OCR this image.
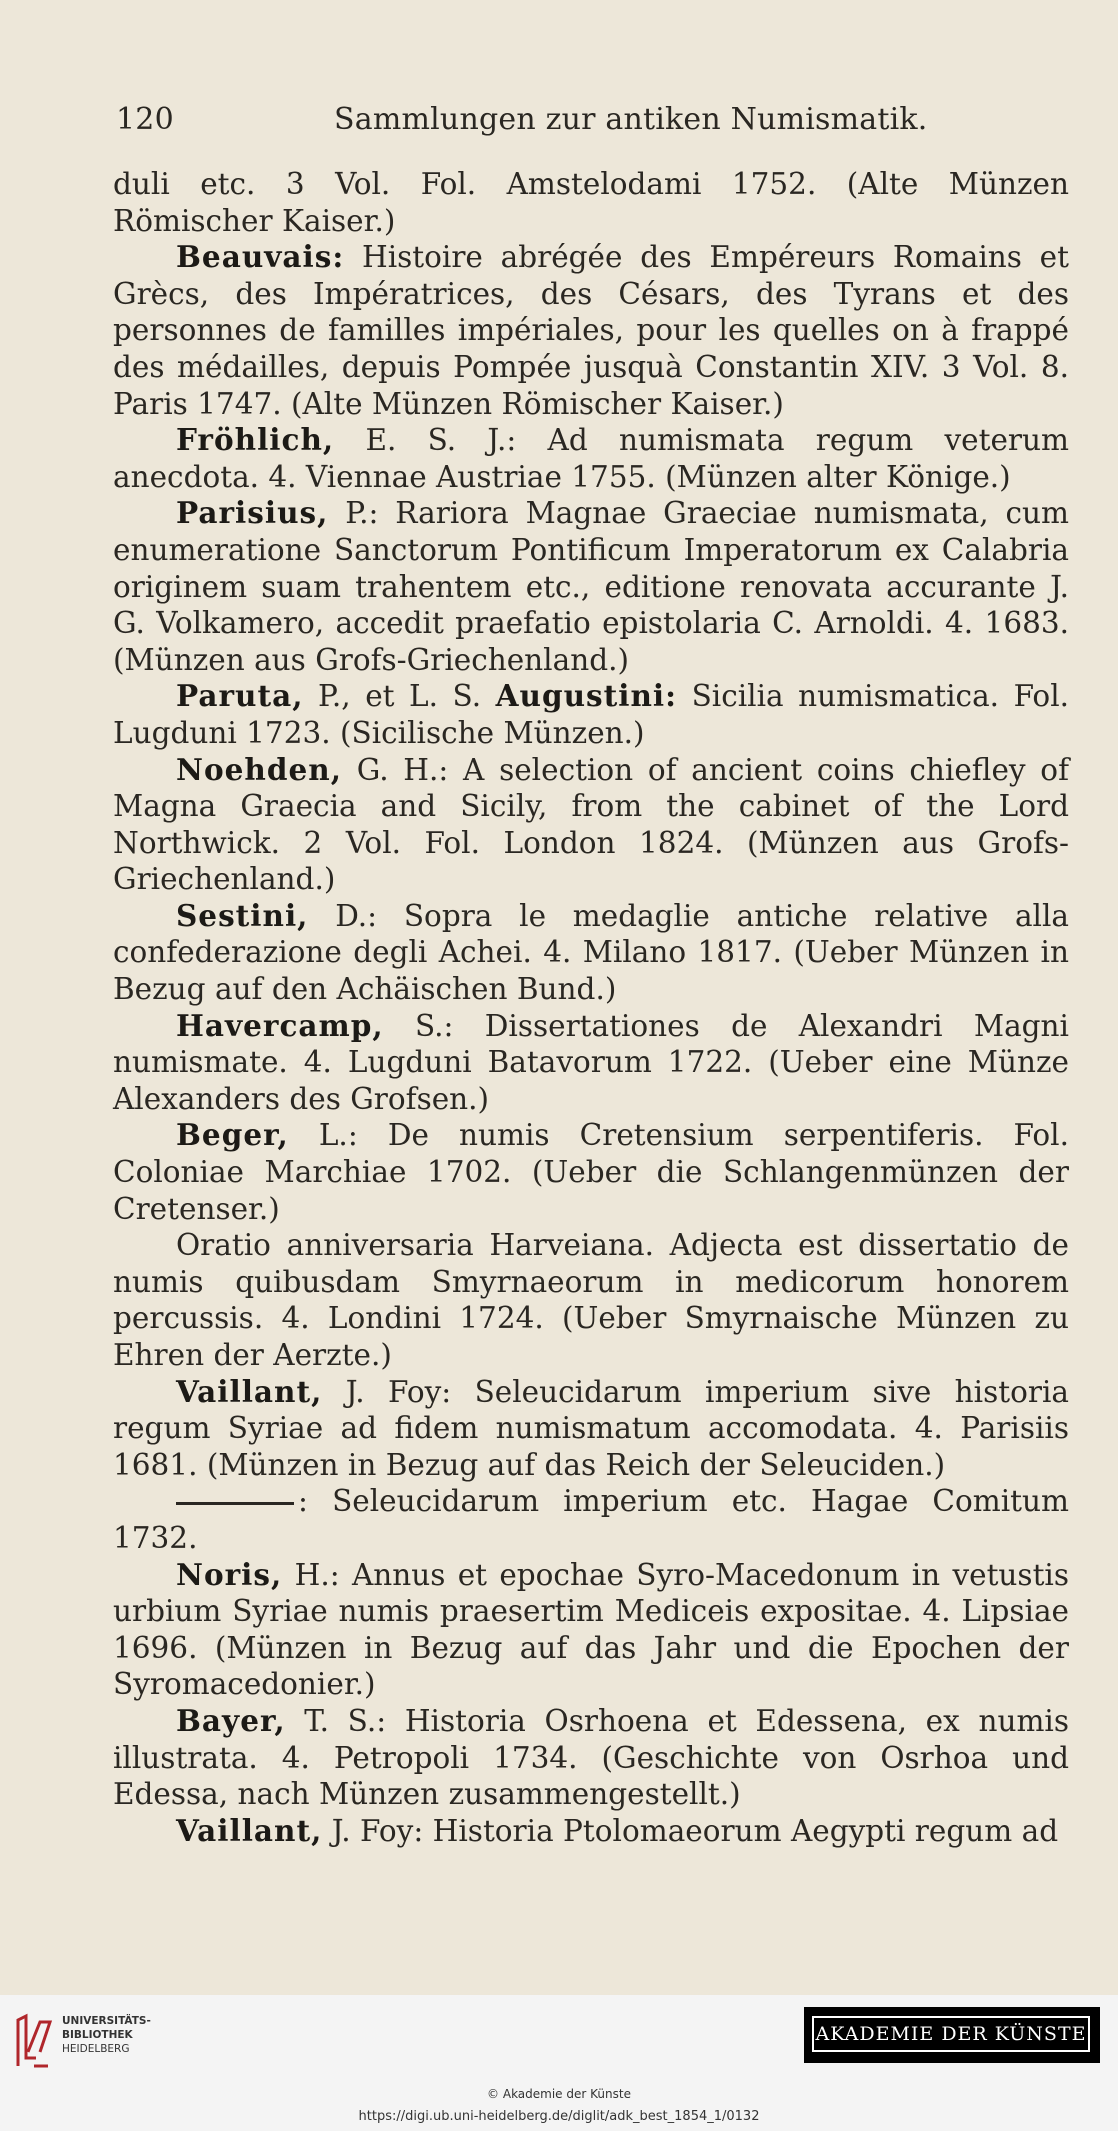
120	Sammlungen zur antiken Numismatik.

duli etc. 3 Vol. Fol. Amstelodami 1752. (Alte Münzen Römischer Kaiser.)

Beauvais: Histoire abrégée des Empéreurs Romains et Grècs, des Impératrices, des Césars, des Tyrans et des personnes de familles impériales, pour les quelles on à frappé des médailles, depuis Pompée jusquà Constantin XIV. 3 Vol. 8. Paris 1747. (Alte Münzen Römischer Kaiser.)

Fröhlich, E. S. J.: Ad numismata regum veterum anecdota. 4. Viennae Austriae 1755. (Münzen alter Könige.)

Parisius, P.: Rariora Magnae Graeciae numismata, cum enumeratione Sanctorum Pontificum Imperatorum ex Calabria originem suam trahentem etc., editione renovata accurante J. G. Volkamero, accedit praefatio epistolaria C. Arnoldi. 4. 1683. (Münzen aus Grofs-Griechenland.)

Paruta, P., et L. S. Augustini: Sicilia numismatica. Fol. Lugduni 1723. (Sicilische Münzen.)

Noehden, G. H.: A selection of ancient coins chiefley of Magna Graecia and Sicily, from the cabinet of the Lord Northwick. 2 Vol. Fol. London 1824. (Münzen aus Grofs-Griechenland.)

Sestini, D.: Sopra le medaglie antiche relative alla confederazione degli Achei. 4. Milano 1817. (Ueber Münzen in Bezug auf den Achäischen Bund.)

Havercamp, S.: Dissertationes de Alexandri Magni numismate. 4. Lugduni Batavorum 1722. (Ueber eine Münze Alexanders des Grofsen.)

Beger, L.: De numis Cretensium serpentiferis. Fol. Coloniae Marchiae 1702. (Ueber die Schlangenmünzen der Cretenser.)

Oratio anniversaria Harveiana. Adjecta est dissertatio de numis quibusdam Smyrnaeorum in medicorum honorem percussis. 4. Londini 1724. (Ueber Smyrnaische Münzen zu Ehren der Aerzte.)

Vaillant, J. Foy: Seleucidarum imperium sive historia regum Syriae ad fidem numismatum accomodata. 4. Parisiis 1681. (Münzen in Bezug auf das Reich der Seleuciden.)

: Seleucidarum imperium etc. Hagae Comitum 1732.

Noris, H.: Annus et epochae Syro-Macedonum in vetustis urbium Syriae numis praesertim Mediceis expositae. 4. Lipsiae 1696. (Münzen in Bezug auf das Jahr und die Epochen der Syromacedonier.)

Bayer, T. S.: Historia Osrhoena et Edessena, ex numis illustrata. 4. Petropoli 1734. (Geschichte von Osrhoa und Edessa, nach Münzen zusammengestellt.)

Vaillant, J. Foy: Historia Ptolomaeorum Aegypti regum ad

UNIVERSITÄTS-
BIBLIOTHEK
HEIDELBERG
AKADEMIE DER KÜNSTE
© Akademie der Künste
https://digi.ub.uni-heidelberg.de/diglit/adk_best_1854_1/0132
